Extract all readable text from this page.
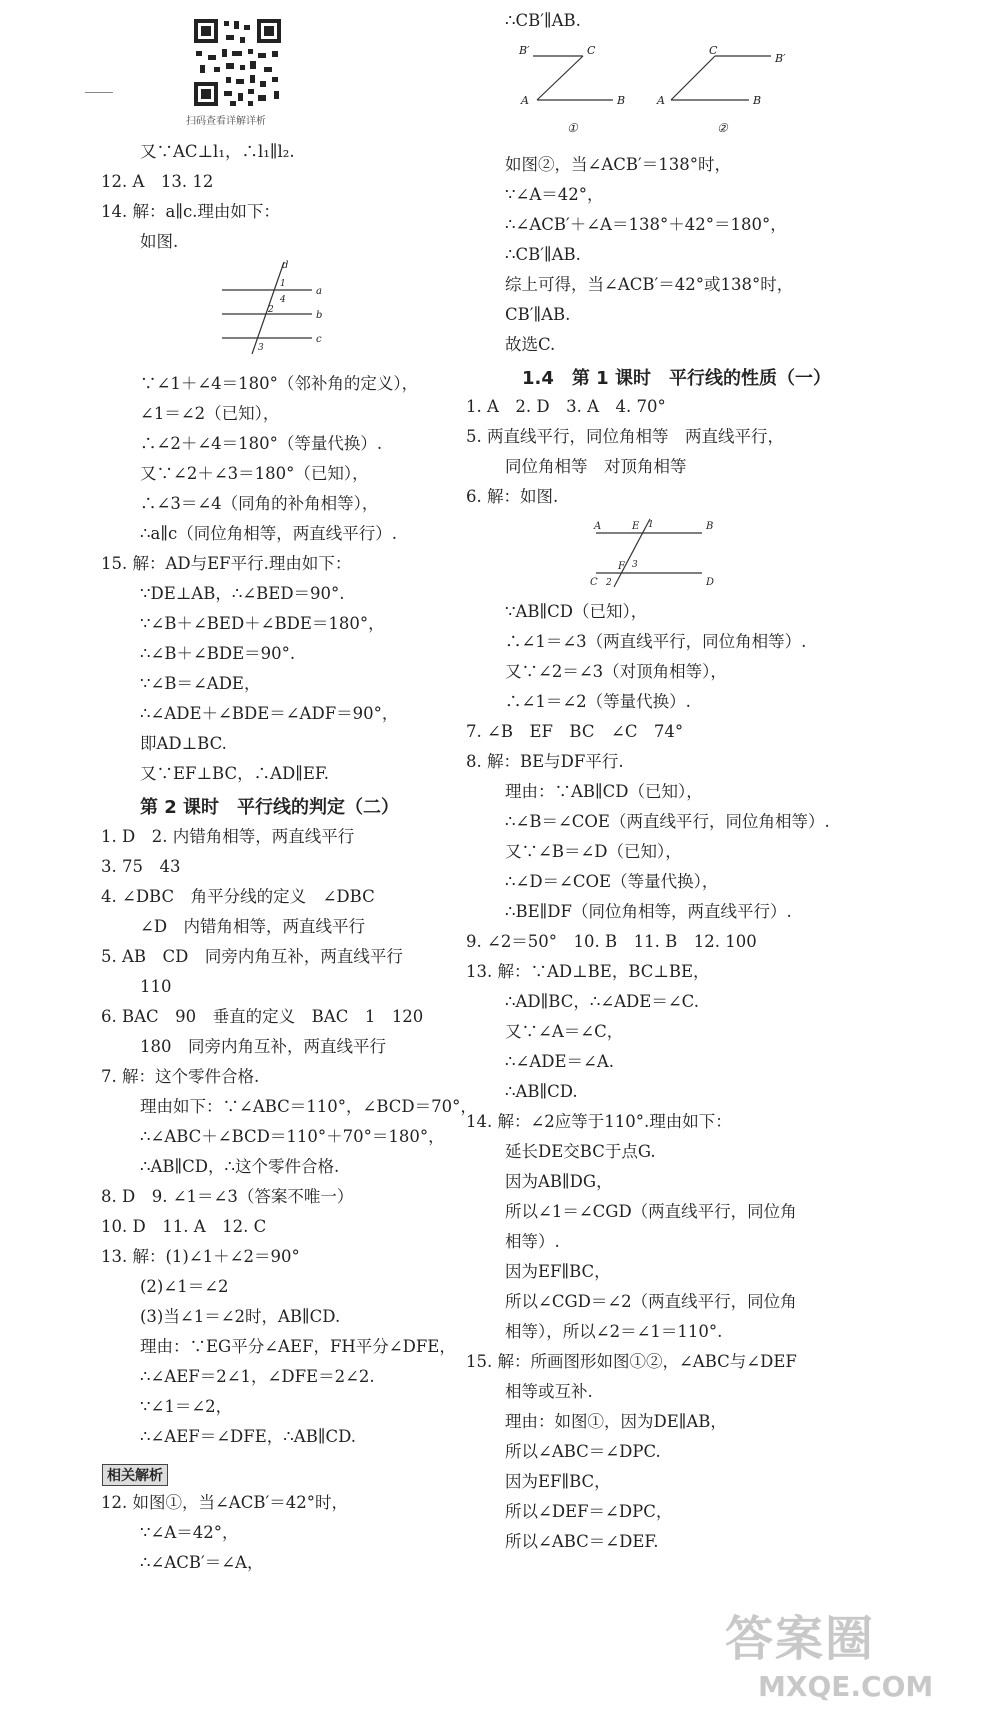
扫码查看详解详析
又∵AC⊥l₁，∴l₁∥l₂.
12. A　13. 12
14. 解：a∥c.理由如下：
如图.
d
a
b
c
1
4
2
3
∵∠1＋∠4＝180°（邻补角的定义），
∠1＝∠2（已知），
∴∠2＋∠4＝180°（等量代换）.
又∵∠2＋∠3＝180°（已知），
∴∠3＝∠4（同角的补角相等），
∴a∥c（同位角相等，两直线平行）.
15. 解：AD与EF平行.理由如下：
∵DE⊥AB，∴∠BED＝90°.
∵∠B＋∠BED＋∠BDE＝180°，
∴∠B＋∠BDE＝90°.
∵∠B＝∠ADE，
∴∠ADE＋∠BDE＝∠ADF＝90°，
即AD⊥BC.
又∵EF⊥BC，∴AD∥EF.
第 2 课时　平行线的判定（二）
1. D　2. 内错角相等，两直线平行
3. 75　43
4. ∠DBC　角平分线的定义　∠DBC
∠D　内错角相等，两直线平行
5. AB　CD　同旁内角互补，两直线平行
110
6. BAC　90　垂直的定义　BAC　1　120
180　同旁内角互补，两直线平行
7. 解：这个零件合格.
理由如下：∵∠ABC＝110°，∠BCD＝70°，
∴∠ABC＋∠BCD＝110°＋70°＝180°，
∴AB∥CD，∴这个零件合格.
8. D　9. ∠1＝∠3（答案不唯一）
10. D　11. A　12. C
13. 解：(1)∠1＋∠2＝90°
(2)∠1＝∠2
(3)当∠1＝∠2时，AB∥CD.
理由：∵EG平分∠AEF，FH平分∠DFE，
∴∠AEF＝2∠1，∠DFE＝2∠2.
∵∠1＝∠2，
∴∠AEF＝∠DFE，∴AB∥CD.
相关解析
12. 如图①，当∠ACB′＝42°时，
∵∠A＝42°，
∴∠ACB′＝∠A，
∴CB′∥AB.
B′	C
A	B
①
C
B′
A	B
②
如图②，当∠ACB′＝138°时，
∵∠A＝42°，
∴∠ACB′＋∠A＝138°＋42°＝180°，
∴CB′∥AB.
综上可得，当∠ACB′＝42°或138°时，
CB′∥AB.
故选C.
1.4　第 1 课时　平行线的性质（一）
1. A　2. D　3. A　4. 70°
5. 两直线平行，同位角相等　两直线平行，
同位角相等　对顶角相等
6. 解：如图.
A	E 1	B
F 3
C 2	D
∵AB∥CD（已知），
∴∠1＝∠3（两直线平行，同位角相等）.
又∵∠2＝∠3（对顶角相等），
∴∠1＝∠2（等量代换）.
7. ∠B　EF　BC　∠C　74°
8. 解：BE与DF平行.
理由：∵AB∥CD（已知），
∴∠B＝∠COE（两直线平行，同位角相等）.
又∵∠B＝∠D（已知），
∴∠D＝∠COE（等量代换），
∴BE∥DF（同位角相等，两直线平行）.
9. ∠2＝50°　10. B　11. B　12. 100
13. 解：∵AD⊥BE，BC⊥BE，
∴AD∥BC，∴∠ADE＝∠C.
又∵∠A＝∠C，
∴∠ADE＝∠A.
∴AB∥CD.
14. 解：∠2应等于110°.理由如下：
延长DE交BC于点G.
因为AB∥DG，
所以∠1＝∠CGD（两直线平行，同位角
相等）.
因为EF∥BC，
所以∠CGD＝∠2（两直线平行，同位角
相等），所以∠2＝∠1＝110°.
15. 解：所画图形如图①②，∠ABC与∠DEF
相等或互补.
理由：如图①，因为DE∥AB，
所以∠ABC＝∠DPC.
因为EF∥BC，
所以∠DEF＝∠DPC，
所以∠ABC＝∠DEF.
答案圈
MXQE.COM
